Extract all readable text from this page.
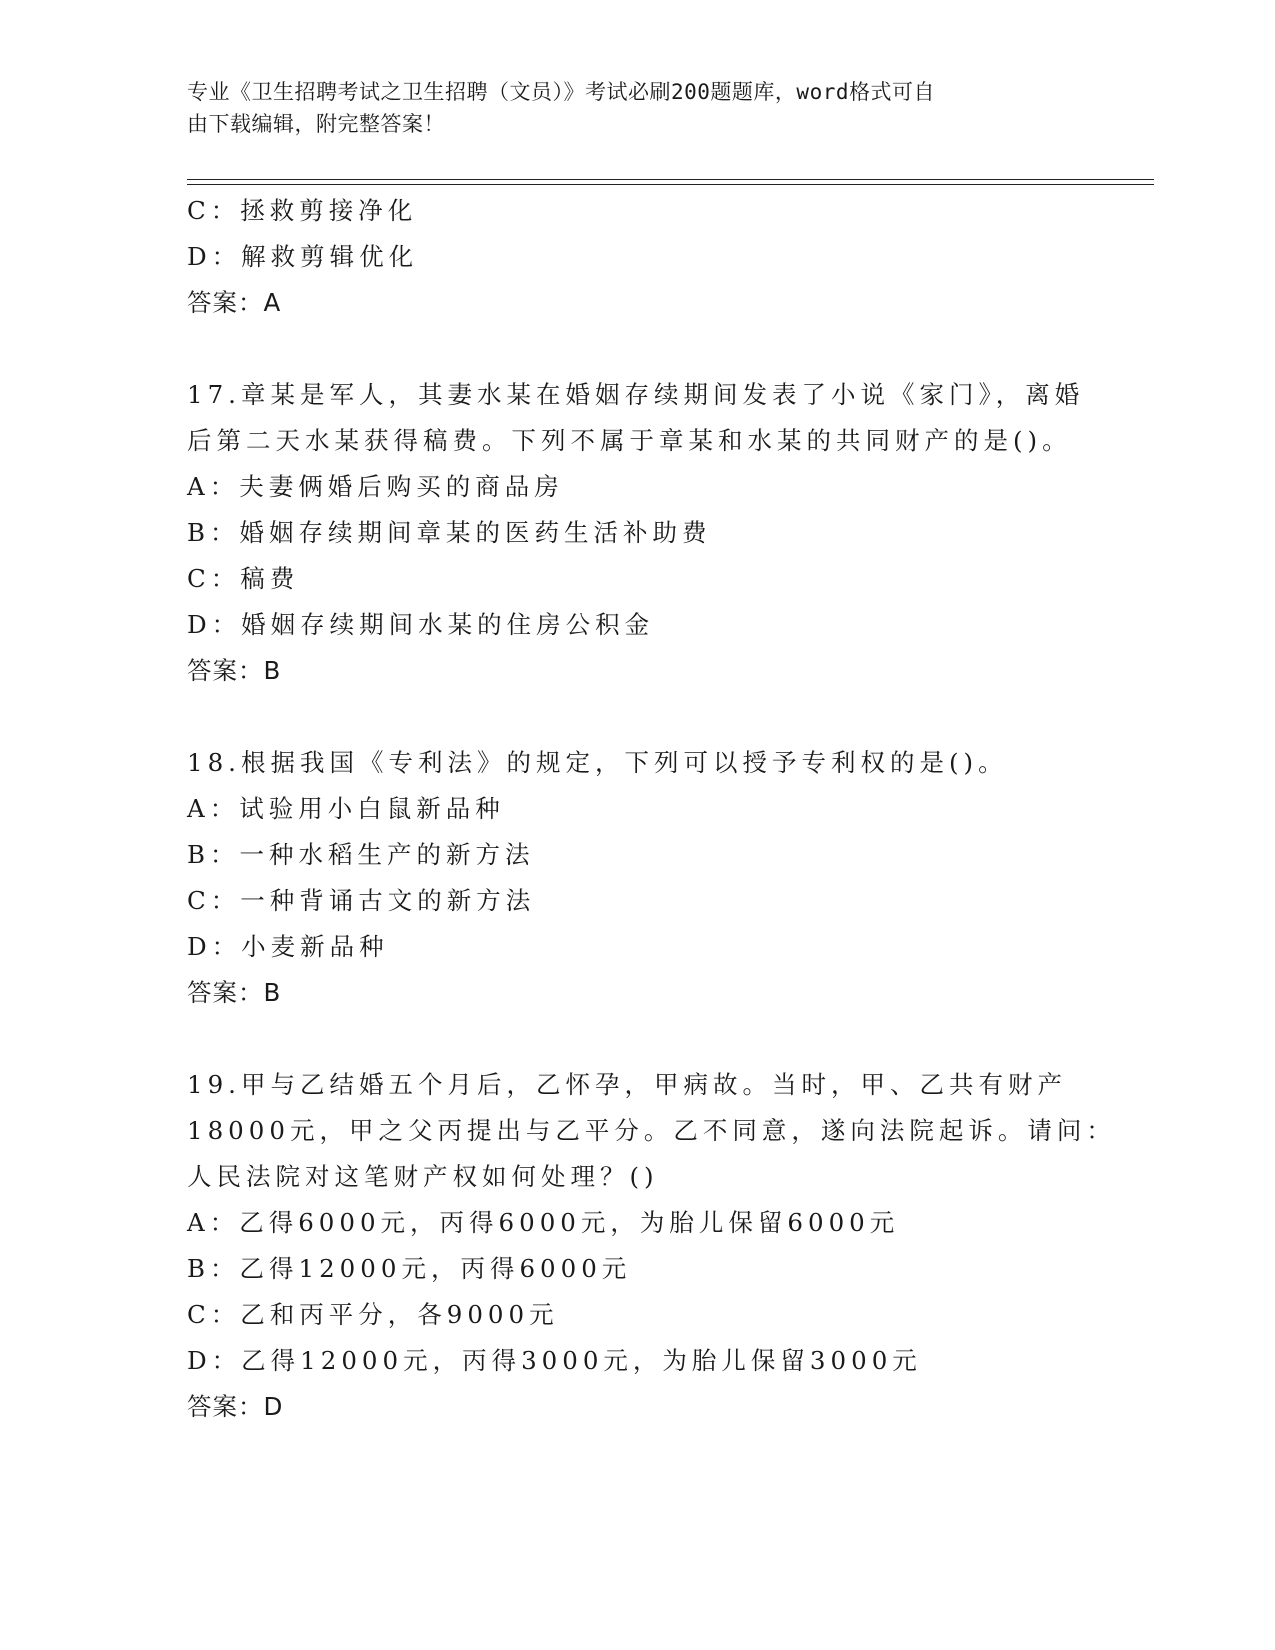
专业《卫生招聘考试之卫生招聘（文员）》考试必刷200题题库，word格式可自
由下载编辑，附完整答案！
C：拯救剪接净化
D：解救剪辑优化
答案：A
17.章某是军人，其妻水某在婚姻存续期间发表了小说《家门》，离婚
后第二天水某获得稿费。下列不属于章某和水某的共同财产的是()。
A：夫妻俩婚后购买的商品房
B：婚姻存续期间章某的医药生活补助费
C：稿费
D：婚姻存续期间水某的住房公积金
答案：B
18.根据我国《专利法》的规定，下列可以授予专利权的是()。
A：试验用小白鼠新品种
B：一种水稻生产的新方法
C：一种背诵古文的新方法
D：小麦新品种
答案：B
19.甲与乙结婚五个月后，乙怀孕，甲病故。当时，甲、乙共有财产
18000元，甲之父丙提出与乙平分。乙不同意，遂向法院起诉。请问：
人民法院对这笔财产权如何处理？()
A：乙得6000元，丙得6000元，为胎儿保留6000元
B：乙得12000元，丙得6000元
C：乙和丙平分，各9000元
D：乙得12000元，丙得3000元，为胎儿保留3000元
答案：D
